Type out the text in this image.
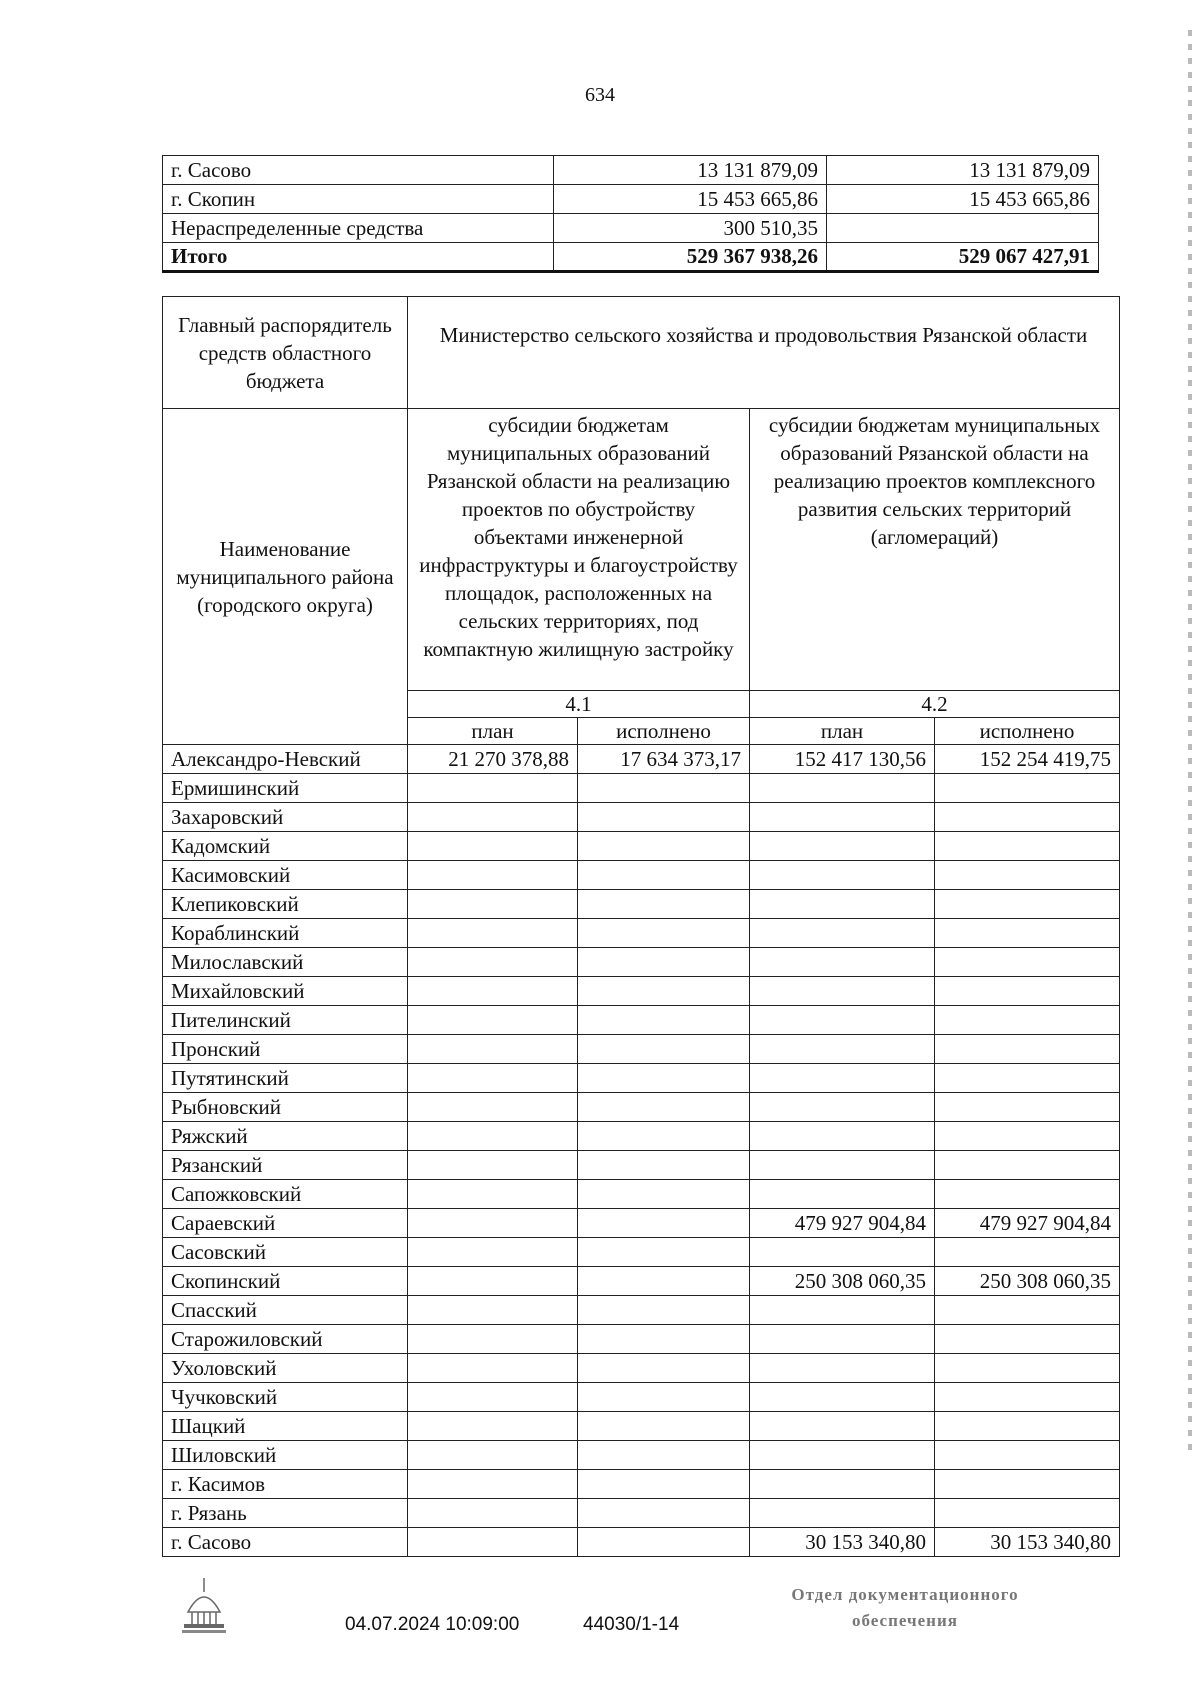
634
г. Сасово	13 131 879,09	13 131 879,09
г. Скопин	15 453 665,86	15 453 665,86
Нераспределенные средства	300 510,35	
Итого	529 367 938,26	529 067 427,91
Главный распорядитель средств областного бюджета	Министерство сельского хозяйства и продовольствия Рязанской области			
Наименование муниципального района (городского округа)	субсидии бюджетам муниципальных образований Рязанской области на реализацию проектов по обустройству объектами инженерной инфраструктуры и благоустройству площадок, расположенных на сельских территориях, под компактную жилищную застройку		субсидии бюджетам муниципальных образований Рязанской области на реализацию проектов комплексного развития сельских территорий (агломераций)	
	4.1		4.2	
	план	исполнено	план	исполнено
Александро-Невский	21 270 378,88	17 634 373,17	152 417 130,56	152 254 419,75
Ермишинский				
Захаровский				
Кадомский				
Касимовский				
Клепиковский				
Кораблинский				
Милославский				
Михайловский				
Пителинский				
Пронский				
Путятинский				
Рыбновский				
Ряжский				
Рязанский				
Сапожковский				
Сараевский			479 927 904,84	479 927 904,84
Сасовский				
Скопинский			250 308 060,35	250 308 060,35
Спасский				
Старожиловский				
Ухоловский				
Чучковский				
Шацкий				
Шиловский				
г. Касимов				
г. Рязань				
г. Сасово			30 153 340,80	30 153 340,80
04.07.2024 10:09:00	44030/1-14
Отдел документационного обеспечения
